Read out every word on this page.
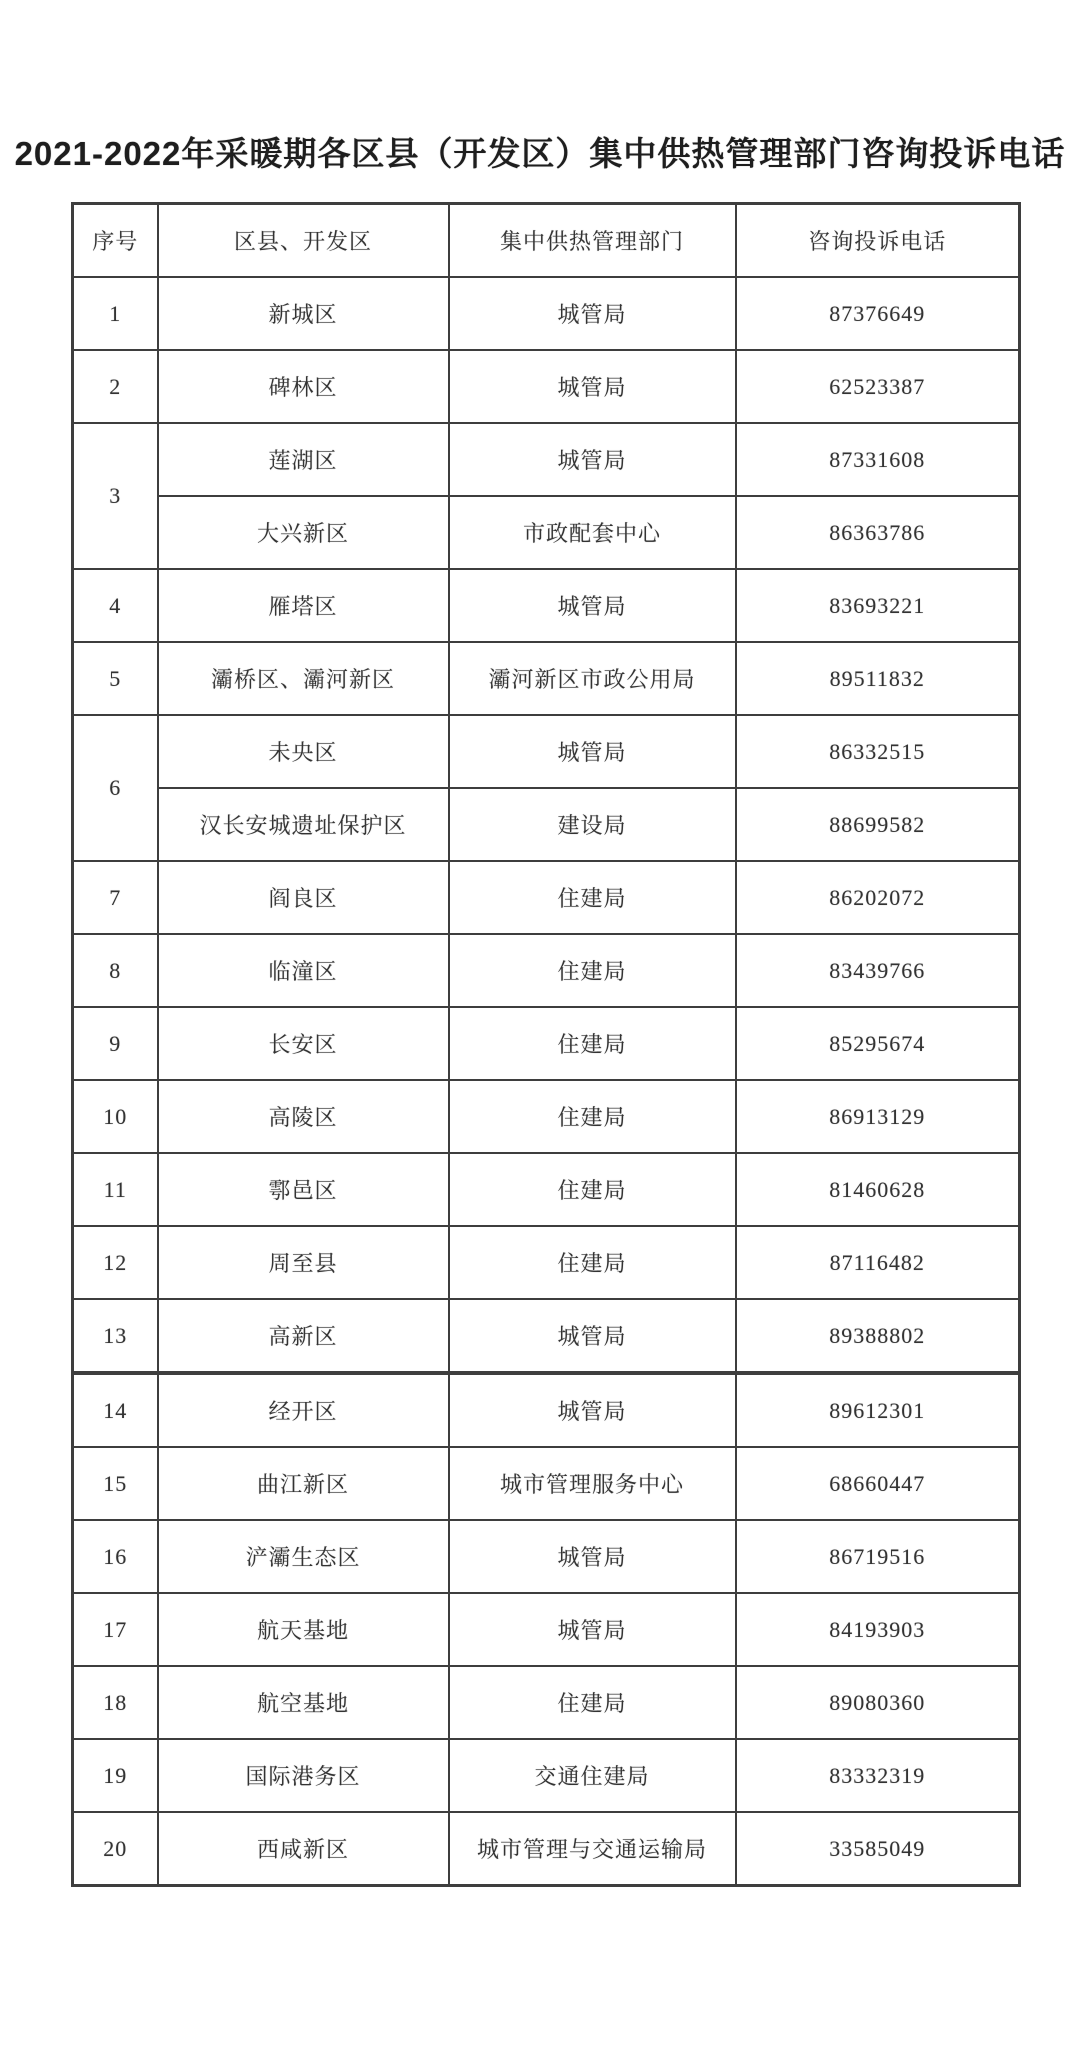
2021-2022年采暖期各区县（开发区）集中供热管理部门咨询投诉电话
序号	区县、开发区	集中供热管理部门	咨询投诉电话
1	新城区	城管局	87376649
2	碑林区	城管局	62523387
3	莲湖区	城管局	87331608
	大兴新区	市政配套中心	86363786
4	雁塔区	城管局	83693221
5	灞桥区、灞河新区	灞河新区市政公用局	89511832
6	未央区	城管局	86332515
	汉长安城遗址保护区	建设局	88699582
7	阎良区	住建局	86202072
8	临潼区	住建局	83439766
9	长安区	住建局	85295674
10	高陵区	住建局	86913129
11	鄠邑区	住建局	81460628
12	周至县	住建局	87116482
13	高新区	城管局	89388802
14	经开区	城管局	89612301
15	曲江新区	城市管理服务中心	68660447
16	浐灞生态区	城管局	86719516
17	航天基地	城管局	84193903
18	航空基地	住建局	89080360
19	国际港务区	交通住建局	83332319
20	西咸新区	城市管理与交通运输局	33585049
